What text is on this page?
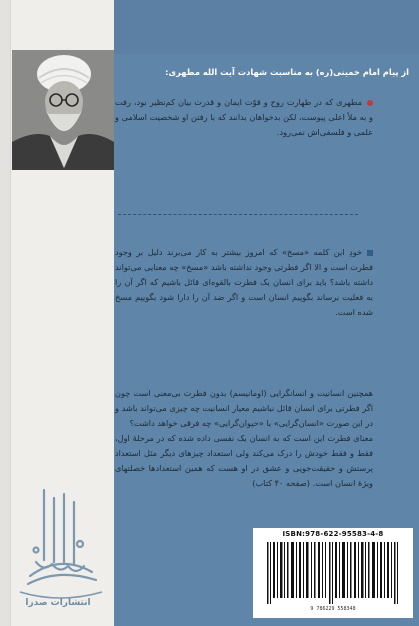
از پیام امام خمینی(ره) به مناسبت شهادت آیت الله مطهری:
مطهری که در طهارت روح و قوّت ایمان و قدرت بیان کم‌نظیر بود، رفت و به ملأ اعلی پیوست، لکن بدخواهان بدانند که با رفتن او شخصیت اسلامی و علمی و فلسفی‌اش نمی‌رود.
خودِ این کلمه «مسخ» که امروز بیشتر به کار می‌برند دلیل بر وجود فطرت است و الا اگر فطرتی وجود نداشته باشد «مسخ» چه معنایی می‌تواند داشته باشد؟ باید برای انسان یک فطرت بالقوه‌ای قائل باشیم که اگر آن را به فعلیت برساند بگوییم انسان است و اگر ضد آن را دارا شود بگوییم مسخ شده است.
همچنین انسانیت و انسانگرایی (اومانیسم) بدون فطرت بی‌معنی است چون اگر فطرتی برای انسان قائل نباشیم معیار انسانیت چه چیزی می‌تواند باشد و در این صورت «انسان‌گرایی» با «حیوان‌گرایی» چه فرقی خواهد داشت؟
معنای فطرت این است که به انسان یک نفسی داده شده که در مرحلهٔ اول، فقط و فقط خودش را درک می‌کند ولی استعداد چیزهای دیگر مثل استعداد پرستش و حقیقت‌جویی و عشق در او هست که همین استعدادها خصلتهای ویژهٔ انسان است. (صفحه ۴۰ کتاب)
انتشارات صدرا
ISBN:978-622-95583-4-8
9 786229 558348
